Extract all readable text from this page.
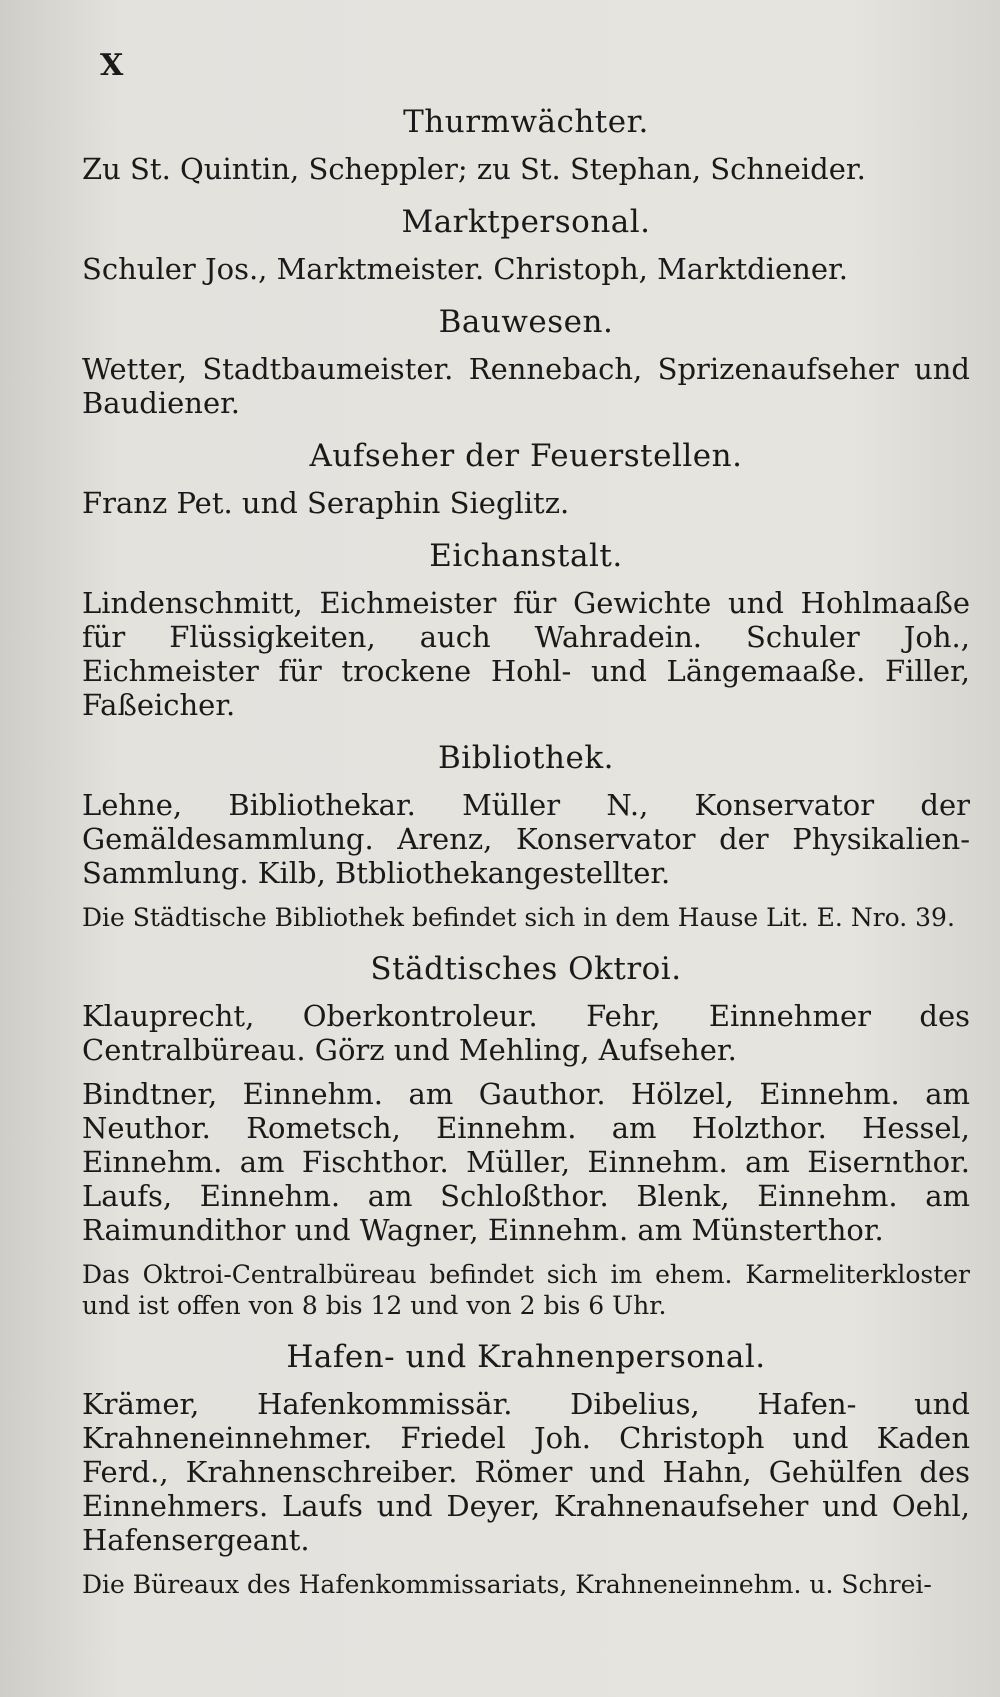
X
Thurmwächter.

Zu St. Quintin, Scheppler; zu St. Stephan, Schneider.

Marktpersonal.

Schuler Jos., Marktmeister. Christoph, Marktdiener.

Bauwesen.

Wetter, Stadtbaumeister. Rennebach, Sprizenaufseher und Baudiener.

Aufseher der Feuerstellen.

Franz Pet. und Seraphin Sieglitz.

Eichanstalt.

Lindenschmitt, Eichmeister für Gewichte und Hohlmaaße für Flüssigkeiten, auch Wahradein. Schuler Joh., Eichmeister für trockene Hohl- und Längemaaße. Filler, Faßeicher.

Bibliothek.

Lehne, Bibliothekar. Müller N., Konservator der Gemäldesammlung. Arenz, Konservator der Physikalien-Sammlung. Kilb, Btbliothekangestellter.

Die Städtische Bibliothek befindet sich in dem Hause Lit. E. Nro. 39.

Städtisches Oktroi.

Klauprecht, Oberkontroleur. Fehr, Einnehmer des Centralbüreau. Görz und Mehling, Aufseher.

Bindtner, Einnehm. am Gauthor. Hölzel, Einnehm. am Neuthor. Rometsch, Einnehm. am Holzthor. Hessel, Einnehm. am Fischthor. Müller, Einnehm. am Eisernthor. Laufs, Einnehm. am Schloßthor. Blenk, Einnehm. am Raimundithor und Wagner, Einnehm. am Münsterthor.

Das Oktroi-Centralbüreau befindet sich im ehem. Karmeliterkloster und ist offen von 8 bis 12 und von 2 bis 6 Uhr.

Hafen- und Krahnenpersonal.

Krämer, Hafenkommissär. Dibelius, Hafen- und Krahneneinnehmer. Friedel Joh. Christoph und Kaden Ferd., Krahnenschreiber. Römer und Hahn, Gehülfen des Einnehmers. Laufs und Deyer, Krahnenaufseher und Oehl, Hafensergeant.

Die Büreaux des Hafenkommissariats, Krahneneinnehm. u. Schrei-
